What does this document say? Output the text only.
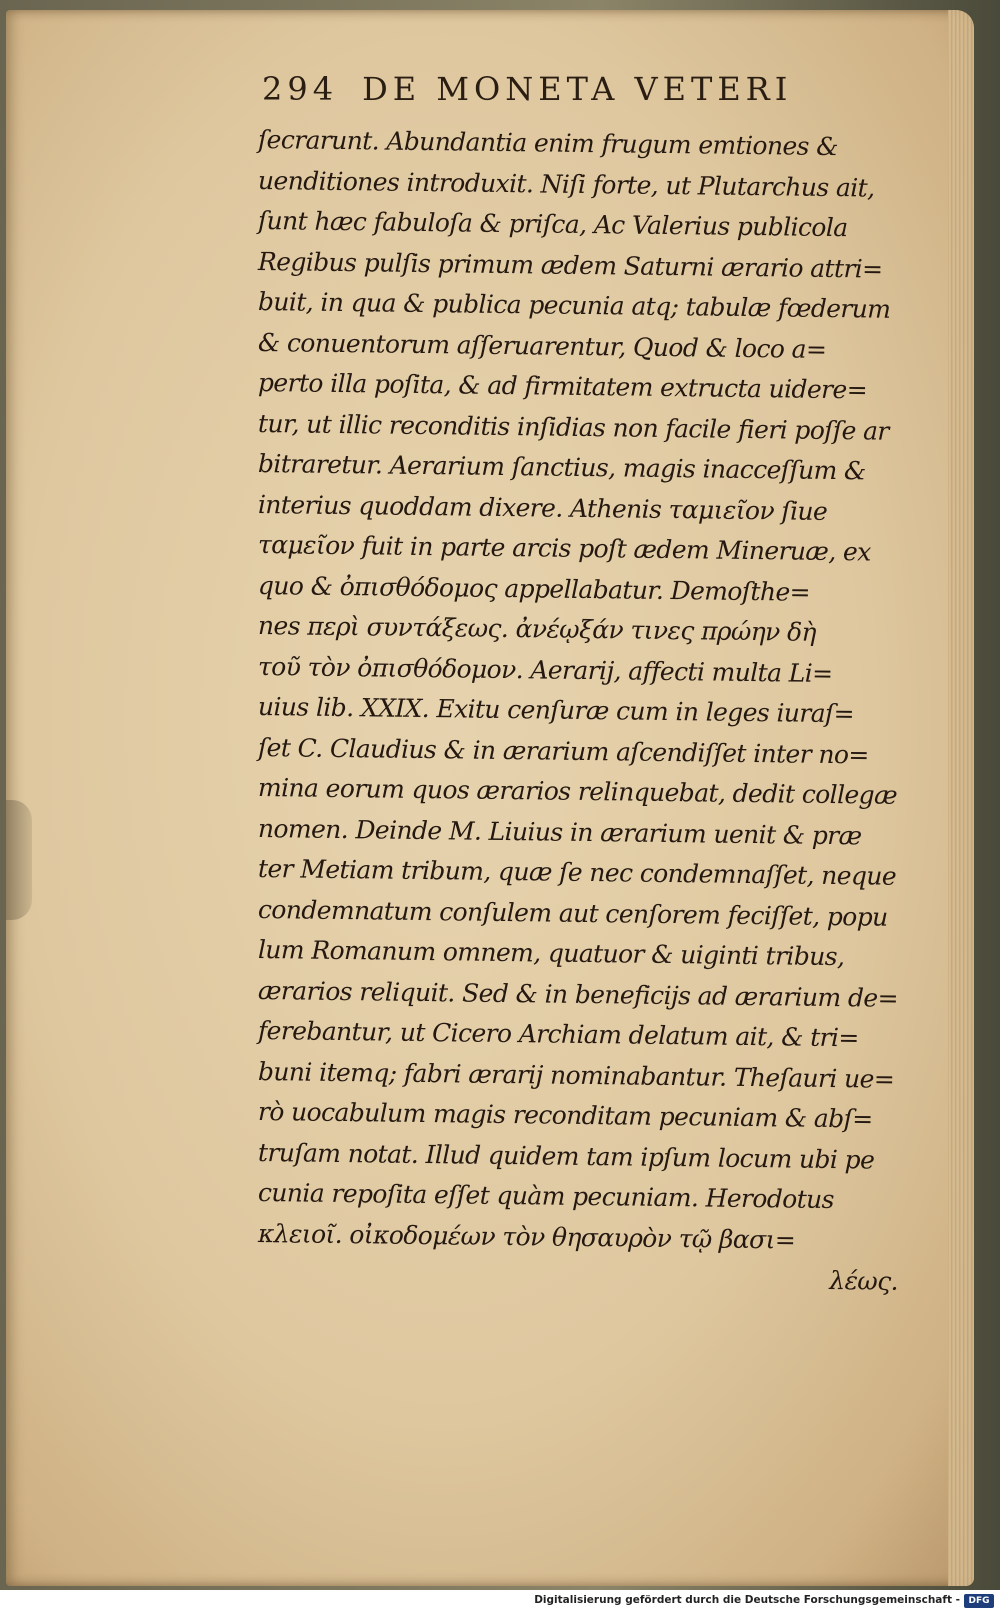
294 DE MONETA VETERI
ſecrarunt. Abundantia enim frugum emtiones &
uenditiones introduxit. Niſi forte, ut Plutarchus ait,
ſunt hæc fabuloſa & priſca, Ac Valerius publicola
Regibus pulſis primum ædem Saturni ærario attri=
buit, in qua & publica pecunia atq; tabulæ fœderum
& conuentorum aſſeruarentur, Quod & loco a=
perto illa poſita, & ad firmitatem extructa uidere=
tur, ut illic reconditis inſidias non facile fieri poſſe ar
bitraretur. Aerarium ſanctius, magis inacceſſum &
interius quoddam dixere. Athenis ταμιεῖον ſiue
ταμεῖον fuit in parte arcis poſt ædem Mineruæ, ex
quo & ὀπισθόδομος appellabatur. Demoſthe=
nes περὶ συντάξεως. ἀνέῳξάν τινες πρώην δὴ
τοῦ τὸν ὀπισθόδομον. Aerarij, affecti multa Li=
uius lib. XXIX. Exitu cenſuræ cum in leges iuraſ=
ſet C. Claudius & in ærarium aſcendiſſet inter no=
mina eorum quos ærarios relinquebat, dedit collegæ
nomen. Deinde M. Liuius in ærarium uenit & præ
ter Metiam tribum, quæ ſe nec condemnaſſet, neque
condemnatum conſulem aut cenſorem feciſſet, popu
lum Romanum omnem, quatuor & uiginti tribus,
ærarios reliquit. Sed & in beneficijs ad ærarium de=
ferebantur, ut Cicero Archiam delatum ait, & tri=
buni itemq; fabri ærarij nominabantur. Theſauri ue=
rò uocabulum magis reconditam pecuniam & abſ=
truſam notat. Illud quidem tam ipſum locum ubi pe
cunia repoſita eſſet quàm pecuniam. Herodotus
κλειοῖ. οἰκοδομέων τὸν θησαυρὸν τῷ βασι=
λέως.
Digitalisierung gefördert durch die Deutsche Forschungsgemeinschaft - DFG
